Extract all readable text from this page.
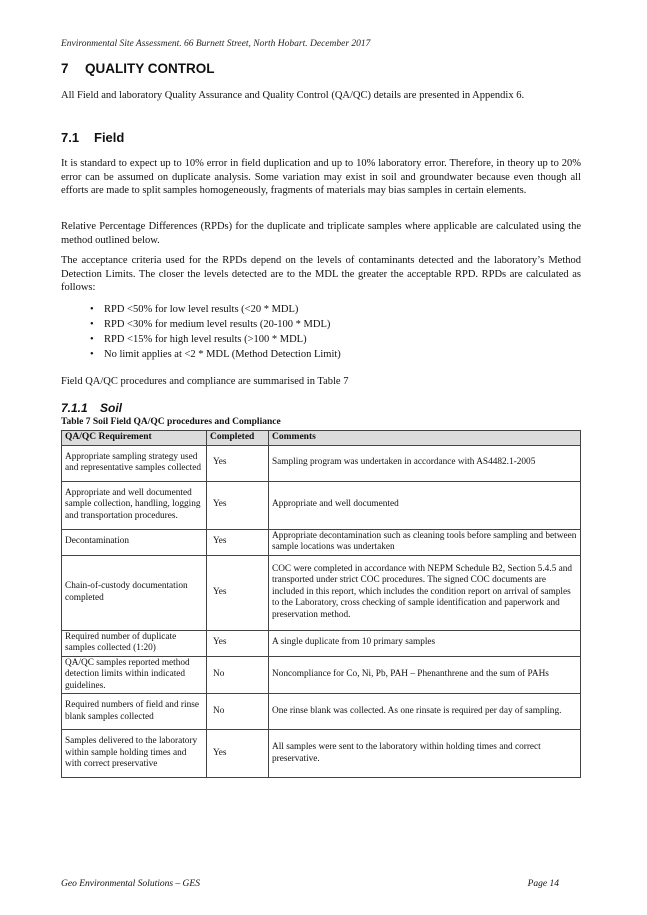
Environmental Site Assessment. 66 Burnett Street, North Hobart. December 2017
7 QUALITY CONTROL

All Field and laboratory Quality Assurance and Quality Control (QA/QC) details are presented in Appendix 6.

7.1 Field

It is standard to expect up to 10% error in field duplication and up to 10% laboratory error. Therefore, in theory up to 20% error can be assumed on duplicate analysis. Some variation may exist in soil and groundwater because even though all efforts are made to split samples homogeneously, fragments of materials may bias samples in certain elements.

Relative Percentage Differences (RPDs) for the duplicate and triplicate samples where applicable are calculated using the method outlined below.

The acceptance criteria used for the RPDs depend on the levels of contaminants detected and the laboratory’s Method Detection Limits. The closer the levels detected are to the MDL the greater the acceptable RPD. RPDs are calculated as follows:

• RPD <50% for low level results (<20 * MDL)
• RPD <30% for medium level results (20-100 * MDL)
• RPD <15% for high level results (>100 * MDL)
• No limit applies at <2 * MDL (Method Detection Limit)

Field QA/QC procedures and compliance are summarised in Table 7

7.1.1 Soil
Table 7 Soil Field QA/QC procedures and Compliance
QA/QC Requirement	Completed	Comments
Appropriate sampling strategy used and representative samples collected	Yes	Sampling program was undertaken in accordance with AS4482.1-2005
Appropriate and well documented sample collection, handling, logging and transportation procedures.	Yes	Appropriate and well documented
Decontamination	Yes	Appropriate decontamination such as cleaning tools before sampling and between sample locations was undertaken
Chain-of-custody documentation completed	Yes	COC were completed in accordance with NEPM Schedule B2, Section 5.4.5 and transported under strict COC procedures. The signed COC documents are included in this report, which includes the condition report on arrival of samples to the Laboratory, cross checking of sample identification and paperwork and preservation method.
Required number of duplicate samples collected (1:20)	Yes	A single duplicate from 10 primary samples
QA/QC samples reported method detection limits within indicated guidelines.	No	Noncompliance for Co, Ni, Pb, PAH – Phenanthrene and the sum of PAHs
Required numbers of field and rinse blank samples collected	No	One rinse blank was collected. As one rinsate is required per day of sampling.
Samples delivered to the laboratory within sample holding times and with correct preservative	Yes	All samples were sent to the laboratory within holding times and correct preservative.
Geo Environmental Solutions – GES	Page 14
